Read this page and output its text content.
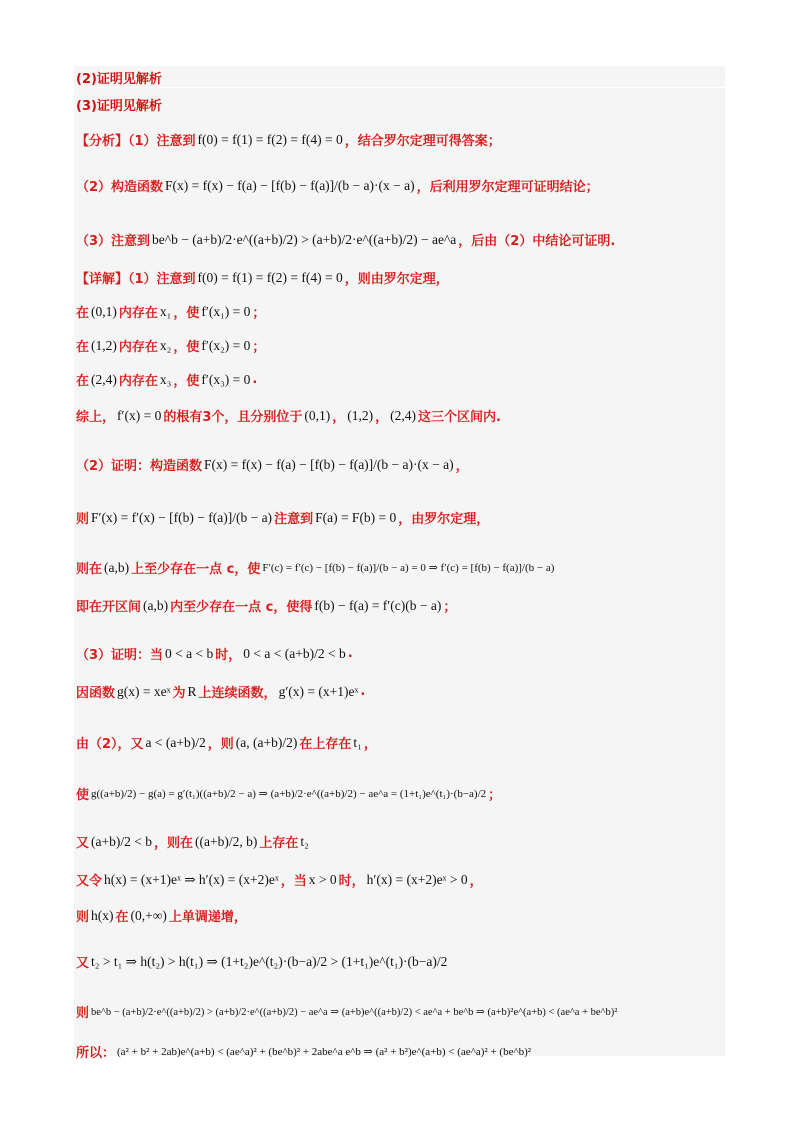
(2)证明见解析
(3)证明见解析
【分析】（1）注意到 f(0) = f(1) = f(2) = f(4) = 0 ，结合罗尔定理可得答案；
（2）构造函数 F(x) = f(x) − f(a) − [f(b) − f(a)]/(b − a)·(x − a) ，后利用罗尔定理可证明结论；
（3）注意到 be^b − (a+b)/2·e^((a+b)/2) > (a+b)/2·e^((a+b)/2) − ae^a ，后由（2）中结论可证明.
【详解】（1）注意到 f(0) = f(1) = f(2) = f(4) = 0 ，则由罗尔定理，
在 (0,1) 内存在 x₁ ，使 f′(x₁) = 0 ；
在 (1,2) 内存在 x₂ ，使 f′(x₂) = 0 ；
在 (2,4) 内存在 x₃ ，使 f′(x₃) = 0 .
综上， f′(x) = 0 的根有3个，且分别位于 (0,1) ， (1,2) ， (2,4) 这三个区间内.
（2）证明：构造函数 F(x) = f(x) − f(a) − [f(b) − f(a)]/(b − a)·(x − a) ，
则 F′(x) = f′(x) − [f(b) − f(a)]/(b − a) 注意到 F(a) = F(b) = 0 ，由罗尔定理，
则在 (a,b) 上至少存在一点 c，使 F′(c) = f′(c) − [f(b) − f(a)]/(b − a) = 0 ⇒ f′(c) = [f(b) − f(a)]/(b − a)
即在开区间 (a,b) 内至少存在一点 c，使得 f(b) − f(a) = f′(c)(b − a) ；
（3）证明：当 0 < a < b 时， 0 < a < (a+b)/2 < b .
因函数 g(x) = xeˣ 为 R 上连续函数， g′(x) = (x+1)eˣ .
由（2），又 a < (a+b)/2 ，则 (a, (a+b)/2) 在上存在 t₁ ，
使 g((a+b)/2) − g(a) = g′(t₁)((a+b)/2 − a) ⇒ (a+b)/2·e^((a+b)/2) − ae^a = (1+t₁)e^(t₁)·(b−a)/2 ；
又 (a+b)/2 < b ，则在 ((a+b)/2, b) 上存在 t₂
又令 h(x) = (x+1)eˣ ⇒ h′(x) = (x+2)eˣ ，当 x > 0 时， h′(x) = (x+2)eˣ > 0 ，
则 h(x) 在 (0,+∞) 上单调递增，
又 t₂ > t₁ ⇒ h(t₂) > h(t₁) ⇒ (1+t₂)e^(t₂)·(b−a)/2 > (1+t₁)e^(t₁)·(b−a)/2
则 be^b − (a+b)/2·e^((a+b)/2) > (a+b)/2·e^((a+b)/2) − ae^a ⇒ (a+b)e^((a+b)/2) < ae^a + be^b ⇒ (a+b)²e^(a+b) < (ae^a + be^b)²
所以： (a² + b² + 2ab)e^(a+b) < (ae^a)² + (be^b)² + 2abe^a e^b ⇒ (a² + b²)e^(a+b) < (ae^a)² + (be^b)²
